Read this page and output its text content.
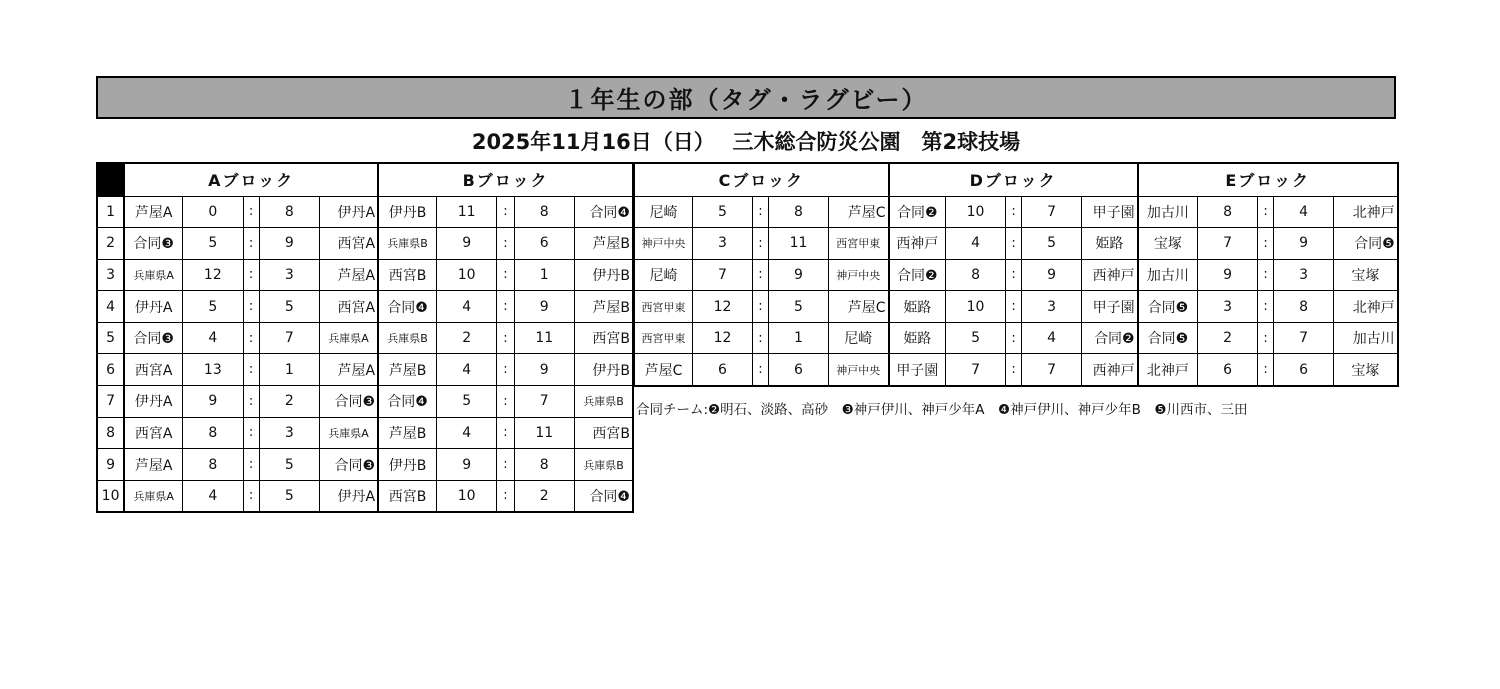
１年生の部（タグ・ラグビー）
2025年11月16日（日）　 三木総合防災公園　第2球技場
	Aブロック					Bブロック				
1	芦屋A	0	:	8	伊丹A	伊丹B	11	:	8	合同❹
2	合同❸	5	:	9	西宮A	兵庫県B	9	:	6	芦屋B
3	兵庫県A	12	:	3	芦屋A	西宮B	10	:	1	伊丹B
4	伊丹A	5	:	5	西宮A	合同❹	4	:	9	芦屋B
5	合同❸	4	:	7	兵庫県A	兵庫県B	2	:	11	西宮B
6	西宮A	13	:	1	芦屋A	芦屋B	4	:	9	伊丹B
7	伊丹A	9	:	2	合同❸	合同❹	5	:	7	兵庫県B
8	西宮A	8	:	3	兵庫県A	芦屋B	4	:	11	西宮B
9	芦屋A	8	:	5	合同❸	伊丹B	9	:	8	兵庫県B
10	兵庫県A	4	:	5	伊丹A	西宮B	10	:	2	合同❹
Cブロック					Dブロック					Eブロック				
尼崎	5	:	8	芦屋C	合同❷	10	:	7	甲子園	加古川	8	:	4	北神戸
神戸中央	3	:	11	西宮甲東	西神戸	4	:	5	姫路	宝塚	7	:	9	合同❺
尼崎	7	:	9	神戸中央	合同❷	8	:	9	西神戸	加古川	9	:	3	宝塚
西宮甲東	12	:	5	芦屋C	姫路	10	:	3	甲子園	合同❺	3	:	8	北神戸
西宮甲東	12	:	1	尼崎	姫路	5	:	4	合同❷	合同❺	2	:	7	加古川
芦屋C	6	:	6	神戸中央	甲子園	7	:	7	西神戸	北神戸	6	:	6	宝塚
合同チーム:❷明石、淡路、高砂　❸神戸伊川、神戸少年A　❹神戸伊川、神戸少年B　❺川西市、三田
